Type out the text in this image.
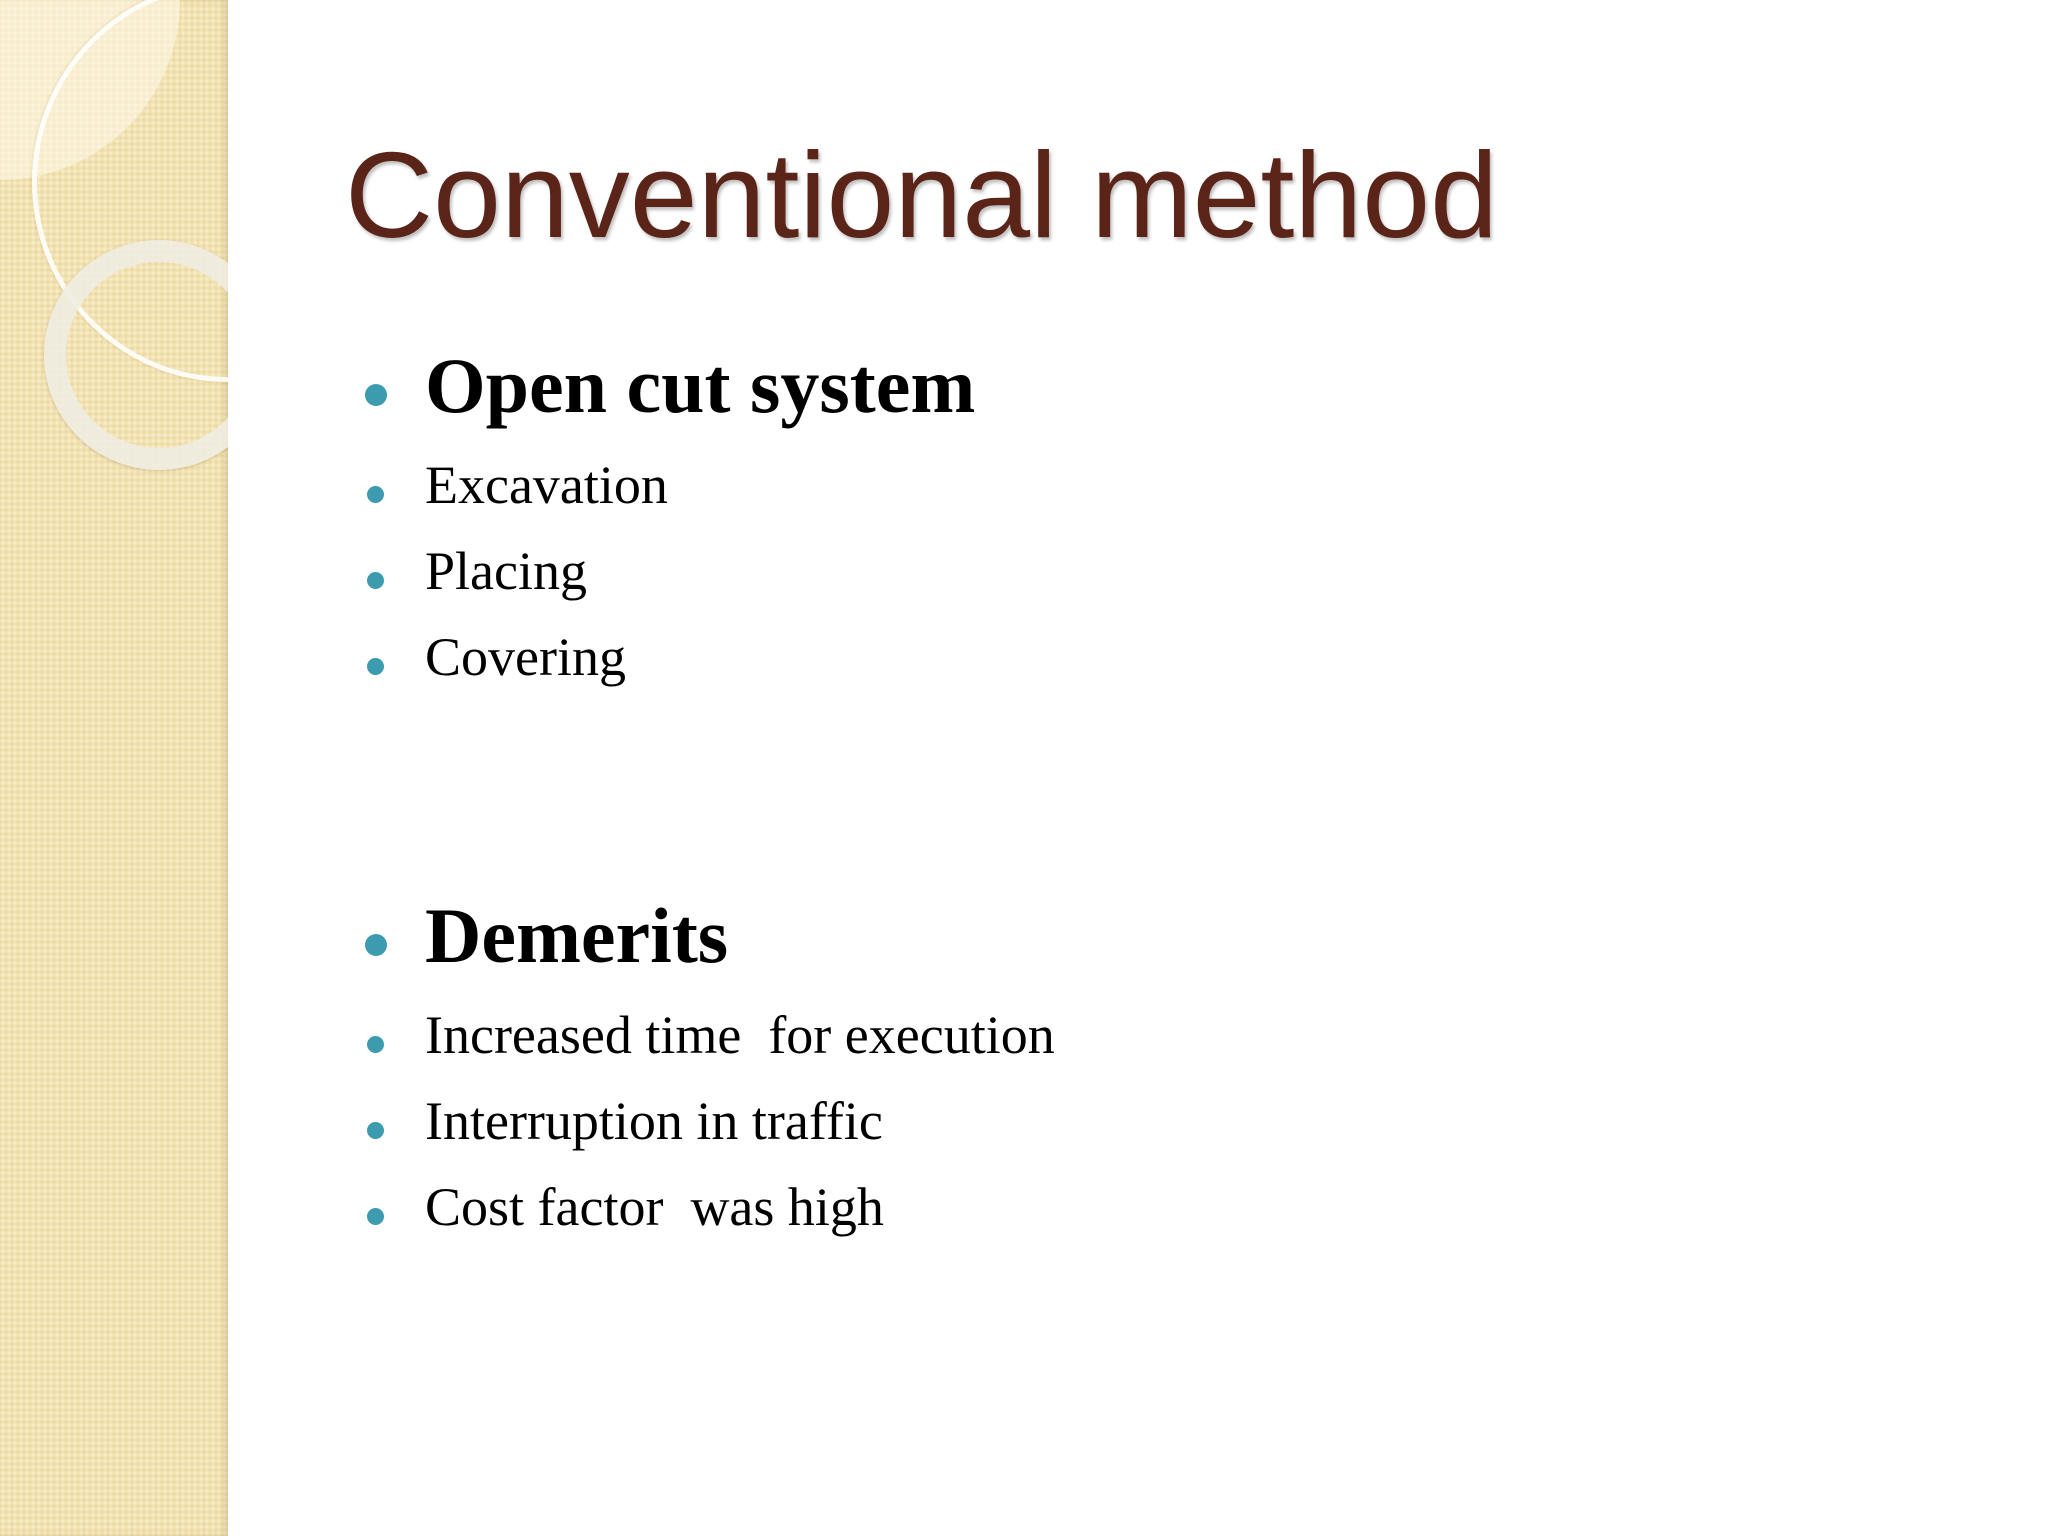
Conventional method
Open cut system
Excavation
Placing
Covering
Demerits
Increased time  for execution
Interruption in traffic
Cost factor  was high
